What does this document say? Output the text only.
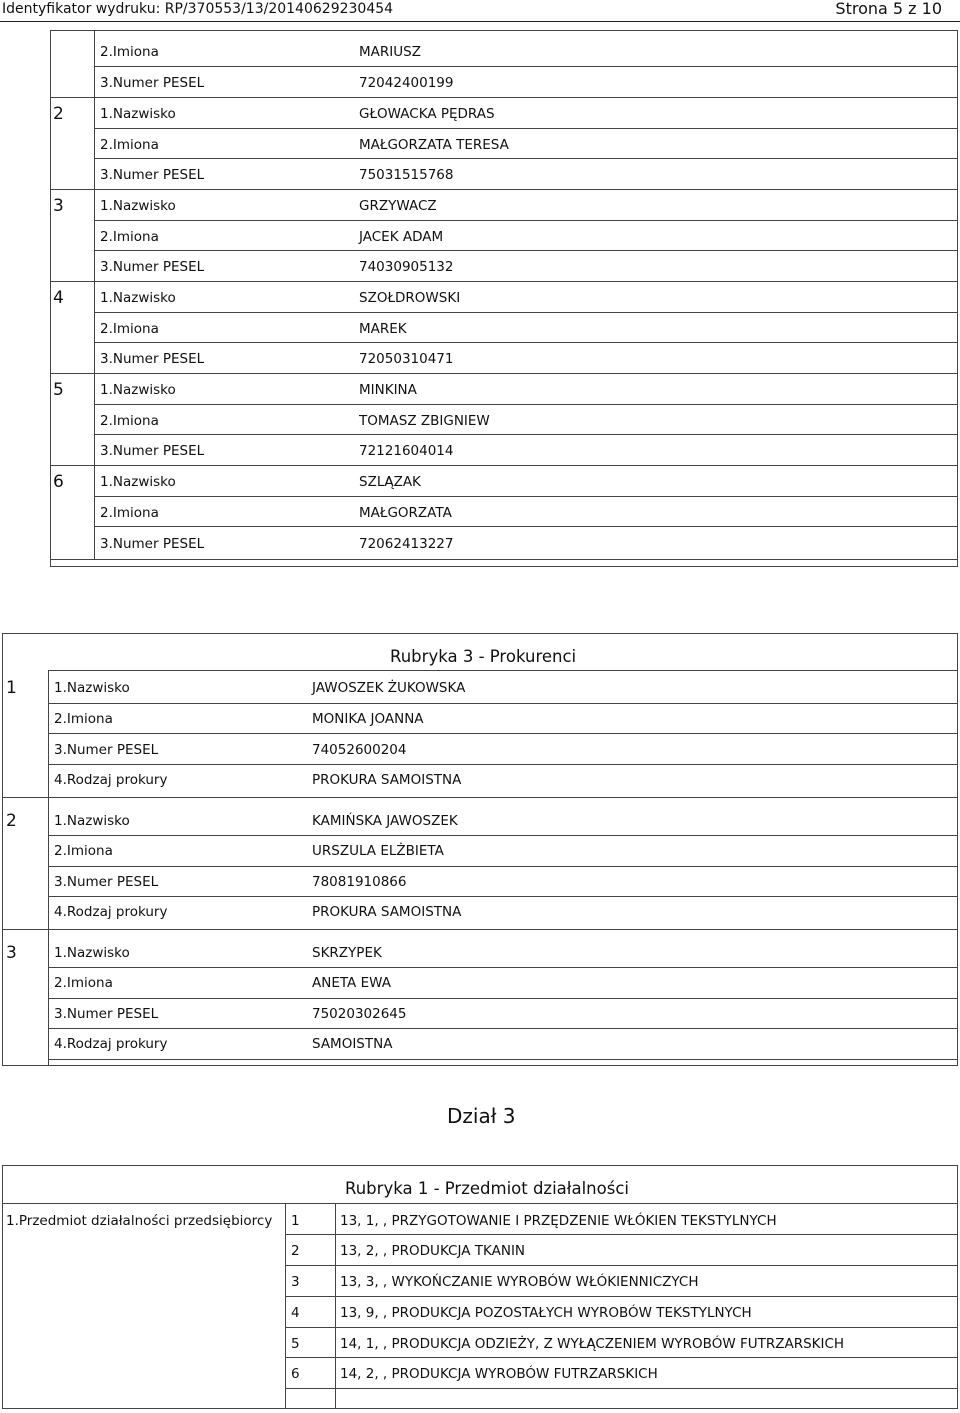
Identyfikator wydruku: RP/370553/13/20140629230454	Strona 5 z 10
2.Imiona	MARIUSZ
3.Numer PESEL	72042400199
2	1.Nazwisko	GŁOWACKA PĘDRAS
2.Imiona	MAŁGORZATA TERESA
3.Numer PESEL	75031515768
3	1.Nazwisko	GRZYWACZ
2.Imiona	JACEK ADAM
3.Numer PESEL	74030905132
4	1.Nazwisko	SZOŁDROWSKI
2.Imiona	MAREK
3.Numer PESEL	72050310471
5	1.Nazwisko	MINKINA
2.Imiona	TOMASZ ZBIGNIEW
3.Numer PESEL	72121604014
6	1.Nazwisko	SZLĄZAK
2.Imiona	MAŁGORZATA
3.Numer PESEL	72062413227
Rubryka 3 - Prokurenci
1	1.Nazwisko	JAWOSZEK ŻUKOWSKA
2.Imiona	MONIKA JOANNA
3.Numer PESEL	74052600204
4.Rodzaj prokury	PROKURA SAMOISTNA
2	1.Nazwisko	KAMIŃSKA JAWOSZEK
2.Imiona	URSZULA ELŻBIETA
3.Numer PESEL	78081910866
4.Rodzaj prokury	PROKURA SAMOISTNA
3	1.Nazwisko	SKRZYPEK
2.Imiona	ANETA EWA
3.Numer PESEL	75020302645
4.Rodzaj prokury	SAMOISTNA
Dział 3
Rubryka 1 - Przedmiot działalności
1.Przedmiot działalności przedsiębiorcy 1	13, 1, , PRZYGOTOWANIE I PRZĘDZENIE WŁÓKIEN TEKSTYLNYCH
2	13, 2, , PRODUKCJA TKANIN
3	13, 3, , WYKOŃCZANIE WYROBÓW WŁÓKIENNICZYCH
4	13, 9, , PRODUKCJA POZOSTAŁYCH WYROBÓW TEKSTYLNYCH
5	14, 1, , PRODUKCJA ODZIEŻY, Z WYŁĄCZENIEM WYROBÓW FUTRZARSKICH
6	14, 2, , PRODUKCJA WYROBÓW FUTRZARSKICH
